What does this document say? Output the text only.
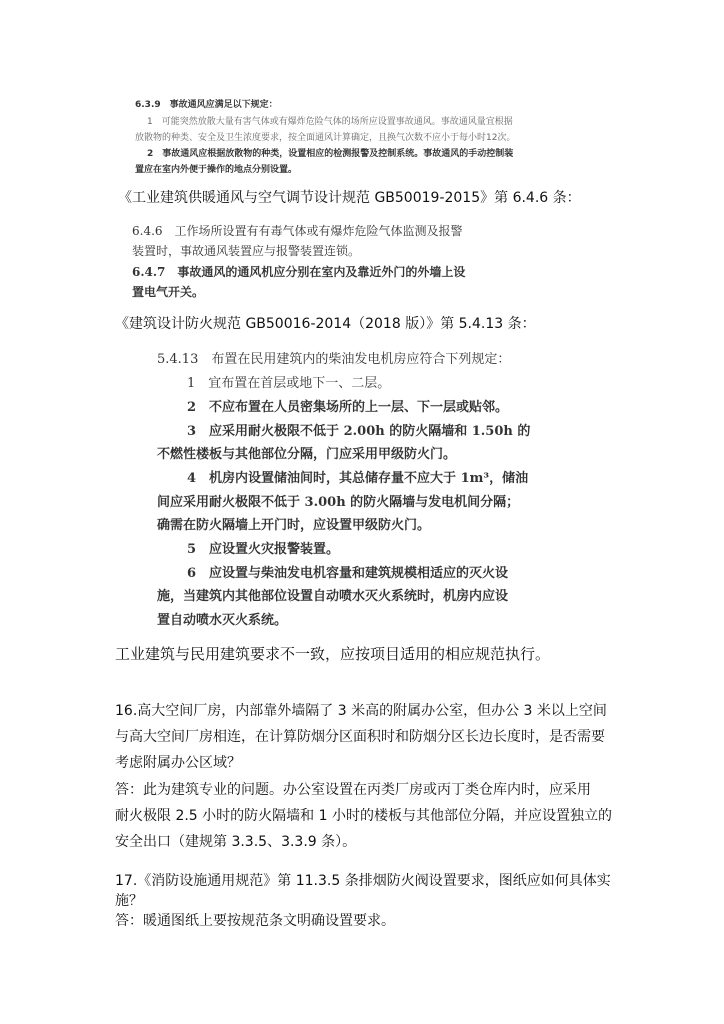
6.3.9　事故通风应满足以下规定：
1　可能突然放散大量有害气体或有爆炸危险气体的场所应设置事故通风。事故通风量宜根据
放散物的种类、安全及卫生浓度要求，按全面通风计算确定，且换气次数不应小于每小时12次。
2　事故通风应根据放散物的种类，设置相应的检测报警及控制系统。事故通风的手动控制装
置应在室内外便于操作的地点分别设置。
《工业建筑供暖通风与空气调节设计规范 GB50019-2015》第 6.4.6 条：
6.4.6　工作场所设置有有毒气体或有爆炸危险气体监测及报警
装置时，事故通风装置应与报警装置连锁。
6.4.7　事故通风的通风机应分别在室内及靠近外门的外墙上设
置电气开关。
《建筑设计防火规范 GB50016-2014（2018 版）》第 5.4.13 条：
5.4.13　布置在民用建筑内的柴油发电机房应符合下列规定：
1　宜布置在首层或地下一、二层。
2　不应布置在人员密集场所的上一层、下一层或贴邻。
3　应采用耐火极限不低于 2.00h 的防火隔墙和 1.50h 的
不燃性楼板与其他部位分隔，门应采用甲级防火门。
4　机房内设置储油间时，其总储存量不应大于 1m³，储油
间应采用耐火极限不低于 3.00h 的防火隔墙与发电机间分隔；
确需在防火隔墙上开门时，应设置甲级防火门。
5　应设置火灾报警装置。
6　应设置与柴油发电机容量和建筑规模相适应的灭火设
施，当建筑内其他部位设置自动喷水灭火系统时，机房内应设
置自动喷水灭火系统。
工业建筑与民用建筑要求不一致，应按项目适用的相应规范执行。
16.高大空间厂房，内部靠外墙隔了 3 米高的附属办公室，但办公 3 米以上空间
与高大空间厂房相连，在计算防烟分区面积时和防烟分区长边长度时，是否需要
考虑附属办公区域？
答：此为建筑专业的问题。办公室设置在丙类厂房或丙丁类仓库内时，应采用
耐火极限 2.5 小时的防火隔墙和 1 小时的楼板与其他部位分隔，并应设置独立的
安全出口（建规第 3.3.5、3.3.9 条）。
17.《消防设施通用规范》第 11.3.5 条排烟防火阀设置要求，图纸应如何具体实
施？
答：暖通图纸上要按规范条文明确设置要求。
